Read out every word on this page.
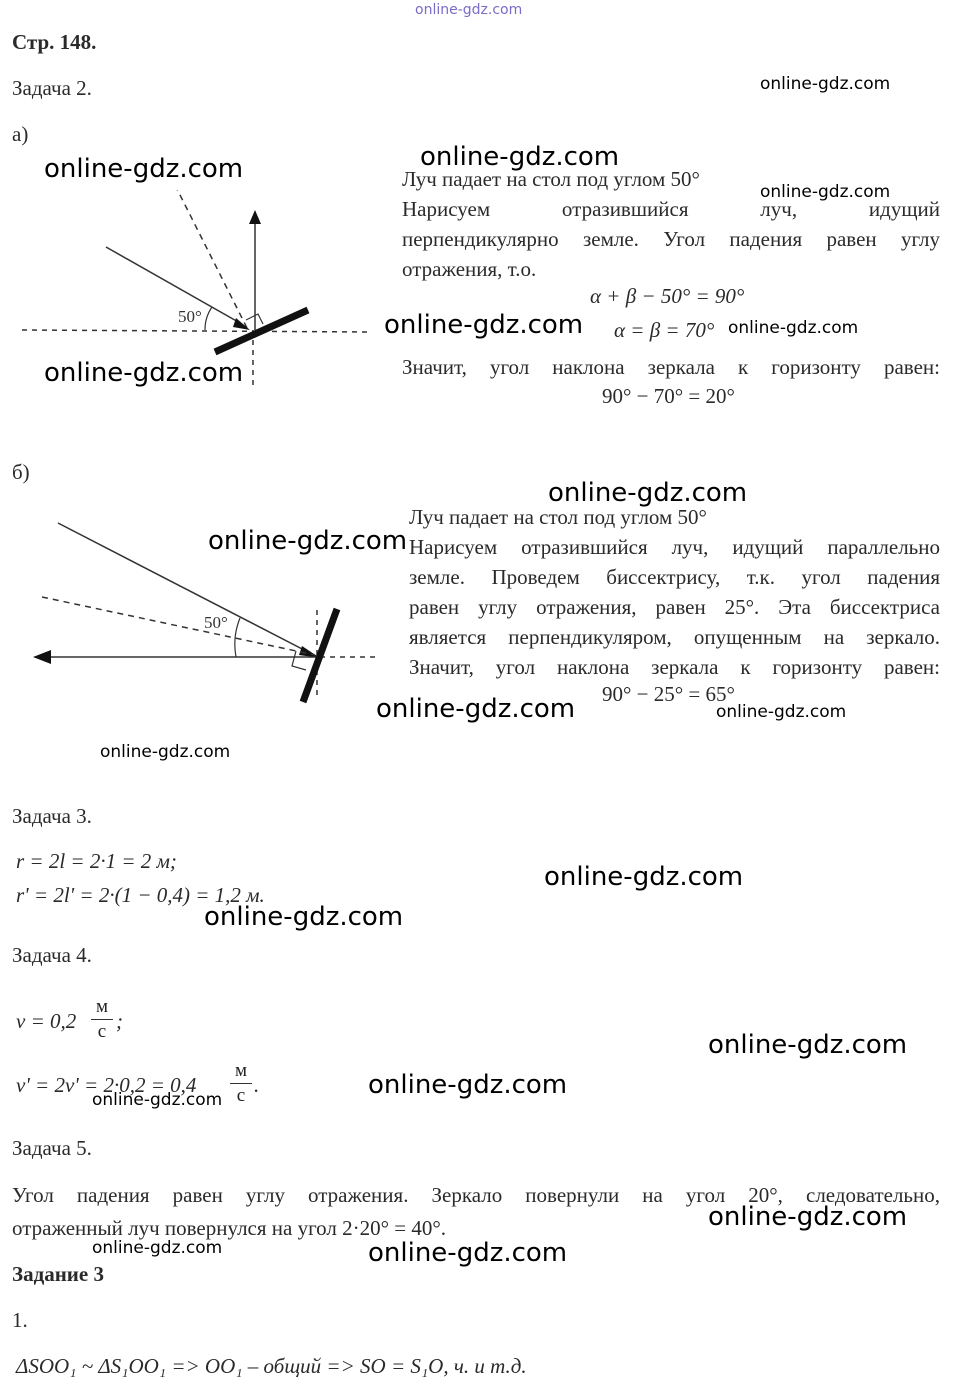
online-gdz.com
Стр. 148.
Задача 2.
а)
50°
Луч падает на стол под углом 50°
Нарисуем отразившийся луч, идущий
перпендикулярно земле. Угол падения равен углу
отражения, т.о.
α + β − 50° = 90°
α = β = 70°
Значит, угол наклона зеркала к горизонту равен:
90° − 70° = 20°
б)
50°
Луч падает на стол под углом 50°
Нарисуем отразившийся луч, идущий параллельно
земле. Проведем биссектрису, т.к. угол падения
равен углу отражения, равен 25°. Эта биссектриса
является перпендикуляром, опущенным на зеркало.
Значит, угол наклона зеркала к горизонту равен:
90° − 25° = 65°
Задача 3.
r = 2l = 2·1 = 2 м;
r' = 2l' = 2·(1 − 0,4) = 1,2 м.
Задача 4.
v = 0,2
м
с ;
v' = 2v' = 2·0,2 = 0,4
м
с .
Задача 5.
Угол падения равен углу отражения. Зеркало повернули на угол 20°, следовательно,
отраженный луч повернулся на угол 2·20° = 40°.
Задание 3
1.
ΔSOO₁ ~ ΔS₁OO₁ => OO₁ – общий => SO = S₁O, ч. и т.д.
online-gdz.com
online-gdz.com
online-gdz.com
online-gdz.com
online-gdz.com	online-gdz.com
online-gdz.com
online-gdz.com
online-gdz.com
online-gdz.com	online-gdz.com
online-gdz.com
online-gdz.com
online-gdz.com
online-gdz.com
online-gdz.com
online-gdz.com
online-gdz.com
online-gdz.com	online-gdz.com
